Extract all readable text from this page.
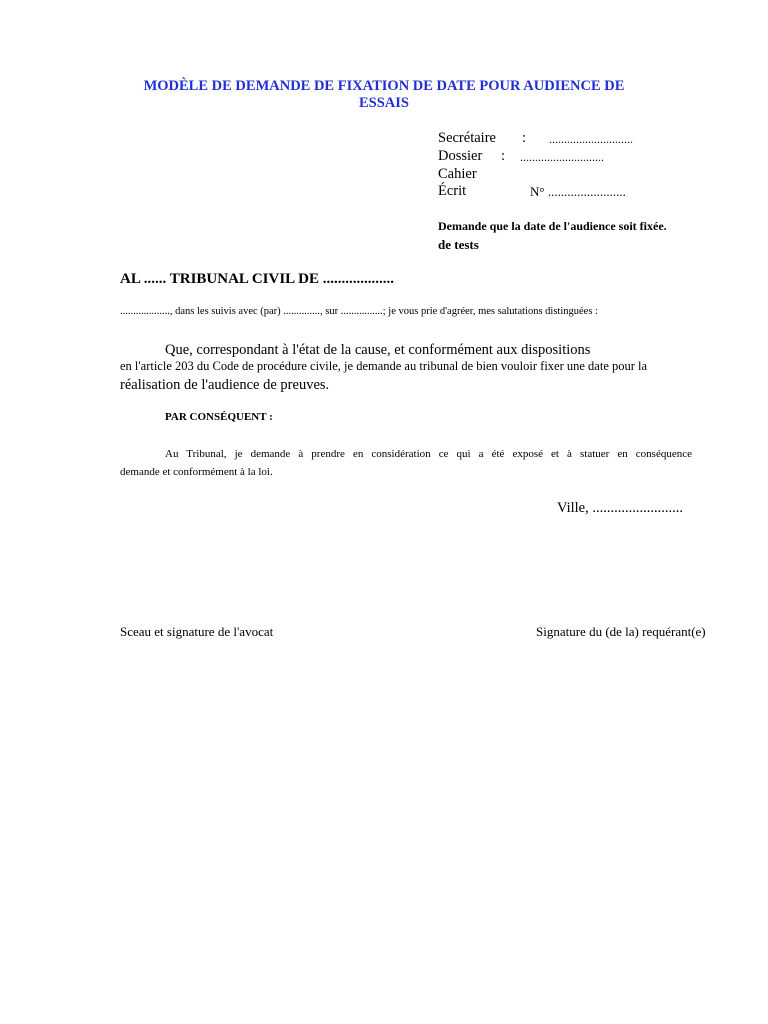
MODÈLE DE DEMANDE DE FIXATION DE DATE POUR AUDIENCE DE
ESSAIS
Secrétaire : ............................
Dossier : ............................
Cahier
Écrit	N° ........................
Demande que la date de l'audience soit fixée.
de tests
AL ...... TRIBUNAL CIVIL DE ...................
..................., dans les suivis avec (par) .............., sur ................; je vous prie d'agréer, mes salutations distinguées :
Que, correspondant à l'état de la cause, et conformément aux dispositions
en l'article 203 du Code de procédure civile, je demande au tribunal de bien vouloir fixer une date pour la
réalisation de l'audience de preuves.
PAR CONSÉQUENT :
Au Tribunal, je demande à prendre en considération ce qui a été exposé et à statuer en conséquence
demande et conformément à la loi.
Ville, .........................
Sceau et signature de l'avocat	Signature du (de la) requérant(e)
